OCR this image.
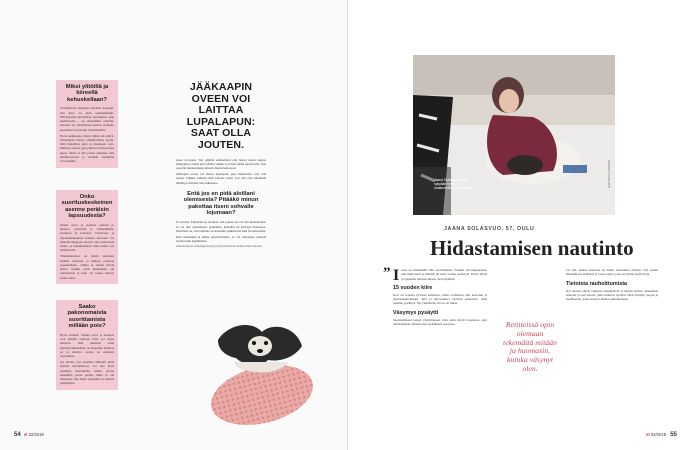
Miksi ylitöillä ja kiireellä kehuskellaan?

Sosiaalisessa mediassa huomaa nopeasti, että kiire on kuin kunniamerkki. Päivityksissä kuvaillaan suorituksia: ajan aktiivisuutta – on esimerkiksi urheiltu, reissattu tai lastenlasten kanssa, hoidettu puutarhaa tai leivottu viimemaalille.

Harva kehkustaa, miten vähän tuli tehtyä. Pienellekin tasolla ymmärrämme hyvin, mitä haitallisia kiire ja aiempaan ovat. Ihminen saattaa jopa jokinsa tarvitsevansa lepoa, mutta ei silti poista aikaansa siitä mielitietoisesti ja vieläkin enemmän arvostamme.

Onko suorituskeskeinen asenne peräisin lapsuudesta?

Monet arvot ja asenteet opitaan jo lapsena, perheeltä ja vanhemmilta, kouluista ja kodeista. Vaativassa ja kilpailuhenkisessä kodissa kasvanut voi päätellä lahjojaan olevan vain suoritusten kautta, ja tehokkuudesta tulee tärkeä osa identiteettiä.

Yhteiskunnassa on menty kiireisen elämän suuntaan ja ihmiset joutuvat sopeutumaan, vaikka se tuntuu heistä liialta. Kaikki eivät kuitenkaan ole samanlaisia ja joku voi kokea kiireen kiehtovaksi.

Saako pakonomaista suorittamista millään pois?

Hyvä uutinen! Vaikka arvot ja asenteet ovat pitkälti opittuja, niitä voi myös muuttaa. Kun tunnistat omat käyttäytymismallisi, on helpompi kohdata ne ja miettiä, ovatko ne edelleen tarpeellisia.

Jos tuntuu, että jokainen minuutti pitää käyttää hyödyllisesti, voi olla hyvä pysähtyä miettimään, miksi. Aloita tekemällä jotain pientä, mikä ei ole tehokasta: istu hetki paikallasi ja katsele ympärillesi.

JÄÄKAAPIN OVEEN VOI LAITTAA LUPALAPUN: SAAT OLLA JOUTEN.

sussa arvojaan. Voit päättää esimerkiksi olla lasten lasten kanssa kännykät ja somet pois päältä, vaikka se ei heti tunnu luontevalta. Voit opetella tunnistamaan kiireen merkit kehossasi.

Jääkaapin oveen voi laittaa lupalapun, joka muistuttaa: saat olla jouten. Vaikka sisäinen ääni sanoisi toisin, voit silti olla tekemättä mitään ja katsella ulos ikkunasta.

Entä jos en pidä aloillani olemisesta? Pitääkö minun pakottaa itseni sohvalle lojumaan?

Ei tarvitse. Tärkeintä on oivaltaa, että jouten olo voi olla monenlaista: se voi olla puutarhassa puuhailua, käsitöitä tai kävelyä luonnossa. Oleellista on, että toiminta on itsessään palkitsevaa eikä tavoitteellista.

Kun tekeminen ei tunnu suorittamiselta, se voi rentouttaa samalla tavalla kuin lepääminen.

Asiantuntijana sosiaalipsykologi ja työhyvinvoinnin tutkija Sanna Taavela
54 et 22/2019
Jaana Solasvuo laittaa nykyään hyvällä omatunnolla ajan itselleen.
KUVA TAPIO LEHTOMÄKI
JAANA SOLASVUO, 57, OULU
Hidastamisen nautinto
” Isona on elämänään ollut suorittamista. Vaalitin sitä huippunaan, kun isäni kuoli ja minulle jäi suuri vastuu perheestä. Kävin töissä ja opiskelin samaan aikaan, jotta pärjäisin.

15 vuoden kiire

Koti oli lopuksi hyvässä kunnossa, mutta sellaiseen olin kasvanut ja lapsuudenkodissani. Työt ja harrastukset täyttivät kalenterin, enkä osannut pysähtyä. Nyt ymmärrän, että se oli liikaa.

Väsymys pysäytti

Suorittamiseni loppui väsymykseen. Kun aloin käydä terapiassa, opin tunnistamaan, milloin olen lepäämisen tarpeessa.	Rettiteissä opin olemaan tekemättä mitään ja huomasin, kuinka väsynyt olen.

vat sitä, kuuluu kiireestä tai turhat suoritukset jättänyt. Nyt nautin hitaammasta elämästä ja vapaa-ajasta, joka on täynnä pieniä iloja.

Tietoista rauhoittumista

Nyt aloitan päivät rauhassa aamukahvin ja lehden kanssa. Kuuntelen kehoani ja teen asioita, jotka tuntuvat hyvältä. Olen löytänyt joogan ja meditaation, jotka auttavat minua rauhoittumaan.

et 22/2019 55
